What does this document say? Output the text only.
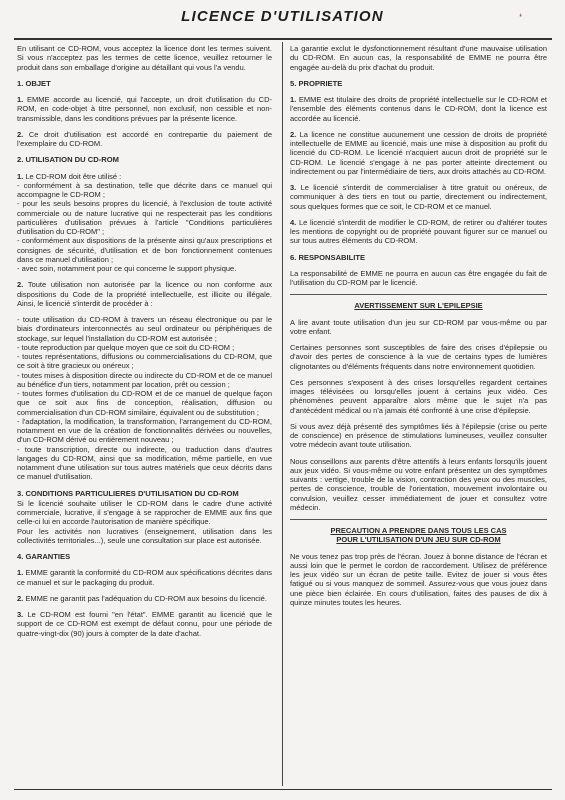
LICENCE D'UTILISATION	❛

En utilisant ce CD-ROM, vous acceptez la licence dont les termes suivent. Si vous n'acceptez pas les termes de cette licence, veuillez retourner le produit dans son emballage d'origine au détaillant qui vous l'a vendu.

1. OBJET

1. EMME accorde au licencié, qui l'accepte, un droit d'utilisation du CD-ROM, en code-objet à titre personnel, non exclusif, non cessible et non-transmissible, dans les conditions prévues par la présente licence.

2. Ce droit d'utilisation est accordé en contrepartie du paiement de l'exemplaire du CD-ROM.

2. UTILISATION DU CD-ROM

1. Le CD-ROM doit être utilisé :

- conformément à sa destination, telle que décrite dans ce manuel qui accompagne le CD-ROM ;

- pour les seuls besoins propres du licencié, à l'exclusion de toute activité commerciale ou de nature lucrative qui ne respecterait pas les conditions particulières d'utilisation prévues à l'article "Conditions particulières d'utilisation du CD-ROM" ;

- conformément aux dispositions de la présente ainsi qu'aux prescriptions et consignes de sécurité, d'utilisation et de bon fonctionnement contenues dans ce manuel d'utilisation ;

- avec soin, notamment pour ce qui concerne le support physique.

2. Toute utilisation non autorisée par la licence ou non conforme aux dispositions du Code de la propriété intellectuelle, est illicite ou illégale. Ainsi, le licencié s'interdit de procéder à :

- toute utilisation du CD-ROM à travers un réseau électronique ou par le biais d'ordinateurs interconnectés au seul ordinateur ou périphériques de stockage, sur lequel l'installation du CD-ROM est autorisée ;

- toute reproduction par quelque moyen que ce soit du CD-ROM ;

- toutes représentations, diffusions ou commercialisations du CD-ROM, que ce soit à titre gracieux ou onéreux ;

- toutes mises à disposition directe ou indirecte du CD-ROM et de ce manuel au bénéfice d'un tiers, notamment par location, prêt ou cession ;

- toutes formes d'utilisation du CD-ROM et de ce manuel de quelque façon que ce soit aux fins de conception, réalisation, diffusion ou commercialisation d'un CD-ROM similaire, équivalent ou de substitution ;

- l'adaptation, la modification, la transformation, l'arrangement du CD-ROM, notamment en vue de la création de fonctionnalités dérivées ou nouvelles, d'un CD-ROM dérivé ou entièrement nouveau ;

- toute transcription, directe ou indirecte, ou traduction dans d'autres langages du CD-ROM, ainsi que sa modification, même partielle, en vue notamment d'une utilisation sur tous autres matériels que ceux décrits dans ce manuel d'utilisation.

3. CONDITIONS PARTICULIERES D'UTILISATION DU CD-ROM

Si le licencié souhaite utiliser le CD-ROM dans le cadre d'une activité commerciale, lucrative, il s'engage à se rapprocher de EMME aux fins que celle-ci lui en accorde l'autorisation de manière spécifique.

Pour les activités non lucratives (enseignement, utilisation dans les collectivités territoriales...), seule une consultation sur place est autorisée.

4. GARANTIES

1. EMME garantit la conformité du CD-ROM aux spécifications décrites dans ce manuel et sur le packaging du produit.

2. EMME ne garantit pas l'adéquation du CD-ROM aux besoins du licencié.

3. Le CD-ROM est fourni "en l'état". EMME garantit au licencié que le support de ce CD-ROM est exempt de défaut connu, pour une période de quatre-vingt-dix (90) jours à compter de la date d'achat.

La garantie exclut le dysfonctionnement résultant d'une mauvaise utilisation du CD-ROM. En aucun cas, la responsabilité de EMME ne pourra être engagée au-delà du prix d'achat du produit.

5. PROPRIETE

1. EMME est titulaire des droits de propriété intellectuelle sur le CD-ROM et l'ensemble des éléments contenus dans le CD-ROM, dont la licence est accordée au licencié.

2. La licence ne constitue aucunement une cession de droits de propriété intellectuelle de EMME au licencié, mais une mise à disposition au profit du licencié du CD-ROM. Le licencié n'acquiert aucun droit de propriété sur le CD-ROM. Le licencié s'engage à ne pas porter atteinte directement ou indirectement ou par l'intermédiaire de tiers, aux droits attachés au CD-ROM.

3. Le licencié s'interdit de commercialiser à titre gratuit ou onéreux, de communiquer à des tiers en tout ou partie, directement ou indirectement, sous quelques formes que ce soit, le CD-ROM et ce manuel.

4. Le licencié s'interdit de modifier le CD-ROM, de retirer ou d'altérer toutes les mentions de copyright ou de propriété pouvant figurer sur ce manuel ou sur tous autres éléments du CD-ROM.

6. RESPONSABILITE

La responsabilité de EMME ne pourra en aucun cas être engagée du fait de l'utilisation du CD-ROM par le licencié.

AVERTISSEMENT SUR L'EPILEPSIE

A lire avant toute utilisation d'un jeu sur CD-ROM par vous-même ou par votre enfant.

Certaines personnes sont susceptibles de faire des crises d'épilepsie ou d'avoir des pertes de conscience à la vue de certains types de lumières clignotantes ou d'éléments fréquents dans notre environnement quotidien.

Ces personnes s'exposent à des crises lorsqu'elles regardent certaines images télévisées ou lorsqu'elles jouent à certains jeux vidéo. Ces phénomènes peuvent apparaître alors même que le sujet n'a pas d'antécédent médical ou n'a jamais été confronté à une crise d'épilepsie.

Si vous avez déjà présenté des symptômes liés à l'épilepsie (crise ou perte de conscience) en présence de stimulations lumineuses, veuillez consulter votre médecin avant toute utilisation.

Nous conseillons aux parents d'être attentifs à leurs enfants lorsqu'ils jouent aux jeux vidéo. Si vous-même ou votre enfant présentez un des symptômes suivants : vertige, trouble de la vision, contraction des yeux ou des muscles, pertes de conscience, trouble de l'orientation, mouvement involontaire ou convulsion, veuillez cesser immédiatement de jouer et consultez votre médecin.

PRECAUTION A PRENDRE DANS TOUS LES CAS
POUR L'UTILISATION D'UN JEU SUR CD-ROM

Ne vous tenez pas trop près de l'écran. Jouez à bonne distance de l'écran et aussi loin que le permet le cordon de raccordement. Utilisez de préférence les jeux vidéo sur un écran de petite taille. Evitez de jouer si vous êtes fatigué ou si vous manquez de sommeil. Assurez-vous que vous jouez dans une pièce bien éclairée. En cours d'utilisation, faites des pauses de dix à quinze minutes toutes les heures.
